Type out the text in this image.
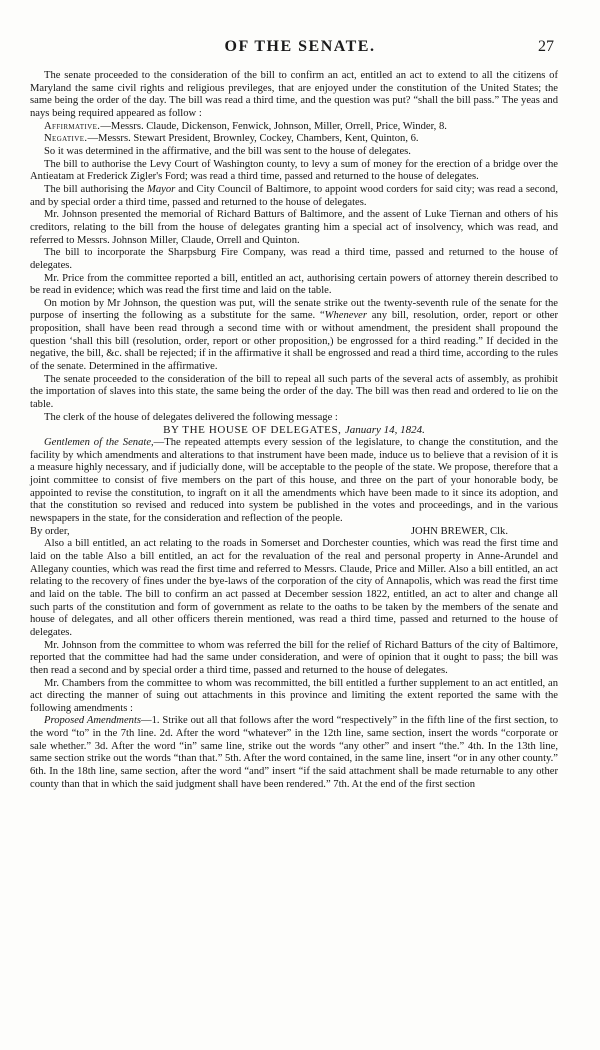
OF THE SENATE.	27

The senate proceeded to the consideration of the bill to confirm an act, entitled an act to extend to all the citizens of Maryland the same civil rights and religious previleges, that are enjoyed under the constitution of the United States; the same being the order of the day. The bill was read a third time, and the question was put? “shall the bill pass.” The yeas and nays being required appeared as follow :

Affirmative.—Messrs. Claude, Dickenson, Fenwick, Johnson, Miller, Orrell, Price, Winder, 8.

Negative.—Messrs. Stewart President, Brownley, Cockey, Chambers, Kent, Quinton, 6.

So it was determined in the affirmative, and the bill was sent to the house of delegates.

The bill to authorise the Levy Court of Washington county, to levy a sum of money for the erection of a bridge over the Antieatam at Frederick Zigler's Ford; was read a third time, passed and returned to the house of delegates.

The bill authorising the Mayor and City Council of Baltimore, to appoint wood corders for said city; was read a second, and by special order a third time, passed and returned to the house of delegates.

Mr. Johnson presented the memorial of Richard Batturs of Baltimore, and the assent of Luke Tiernan and others of his creditors, relating to the bill from the house of delegates granting him a special act of insolvency, which was read, and referred to Messrs. Johnson Miller, Claude, Orrell and Quinton.

The bill to incorporate the Sharpsburg Fire Company, was read a third time, passed and returned to the house of delegates.

Mr. Price from the committee reported a bill, entitled an act, authorising certain powers of attorney therein described to be read in evidence; which was read the first time and laid on the table.

On motion by Mr Johnson, the question was put, will the senate strike out the twenty-seventh rule of the senate for the purpose of inserting the following as a substitute for the same. “Whenever any bill, resolution, order, report or other proposition, shall have been read through a second time with or without amendment, the president shall propound the question ‘shall this bill (resolution, order, report or other proposition,) be engrossed for a third reading.” If decided in the negative, the bill, &c. shall be rejected; if in the affirmative it shall be engrossed and read a third time, according to the rules of the senate. Determined in the affirmative.

The senate proceeded to the consideration of the bill to repeal all such parts of the several acts of assembly, as prohibit the importation of slaves into this state, the same being the order of the day. The bill was then read and ordered to lie on the table.

The clerk of the house of delegates delivered the following message :

BY THE HOUSE OF DELEGATES, January 14, 1824.

Gentlemen of the Senate,—The repeated attempts every session of the legislature, to change the constitution, and the facility by which amendments and alterations to that instrument have been made, induce us to believe that a revision of it is a measure highly necessary, and if judicially done, will be acceptable to the people of the state. We propose, therefore that a joint committee to consist of five members on the part of this house, and three on the part of your honorable body, be appointed to revise the constitution, to ingraft on it all the amendments which have been made to it since its adoption, and that the constitution so revised and reduced into system be published in the votes and proceedings, and in the various newspapers in the state, for the consideration and reflection of the people.

By order,	JOHN BREWER, Clk.

Also a bill entitled, an act relating to the roads in Somerset and Dorchester counties, which was read the first time and laid on the table Also a bill entitled, an act for the revaluation of the real and personal property in Anne-Arundel and Allegany counties, which was read the first time and referred to Messrs. Claude, Price and Miller. Also a bill entitled, an act relating to the recovery of fines under the bye-laws of the corporation of the city of Annapolis, which was read the first time and laid on the table. The bill to confirm an act passed at December session 1822, entitled, an act to alter and change all such parts of the constitution and form of government as relate to the oaths to be taken by the members of the senate and house of delegates, and all other officers therein mentioned, was read a third time, passed and returned to the house of delegates.

Mr. Johnson from the committee to whom was referred the bill for the relief of Richard Batturs of the city of Baltimore, reported that the committee had had the same under consideration, and were of opinion that it ought to pass; the bill was then read a second and by special order a third time, passed and returned to the house of delegates.

Mr. Chambers from the committee to whom was recommitted, the bill entitled a further supplement to an act entitled, an act directing the manner of suing out attachments in this province and limiting the extent reported the same with the following amendments :

Proposed Amendments—1. Strike out all that follows after the word “respectively” in the fifth line of the first section, to the word “to” in the 7th line. 2d. After the word “whatever” in the 12th line, same section, insert the words “corporate or sale whether.” 3d. After the word “in” same line, strike out the words “any other” and insert “the.” 4th. In the 13th line, same section strike out the words “than that.” 5th. After the word contained, in the same line, insert “or in any other county.” 6th. In the 18th line, same section, after the word “and” insert “if the said attachment shall be made returnable to any other county than that in which the said judgment shall have been rendered.” 7th. At the end of the first section
